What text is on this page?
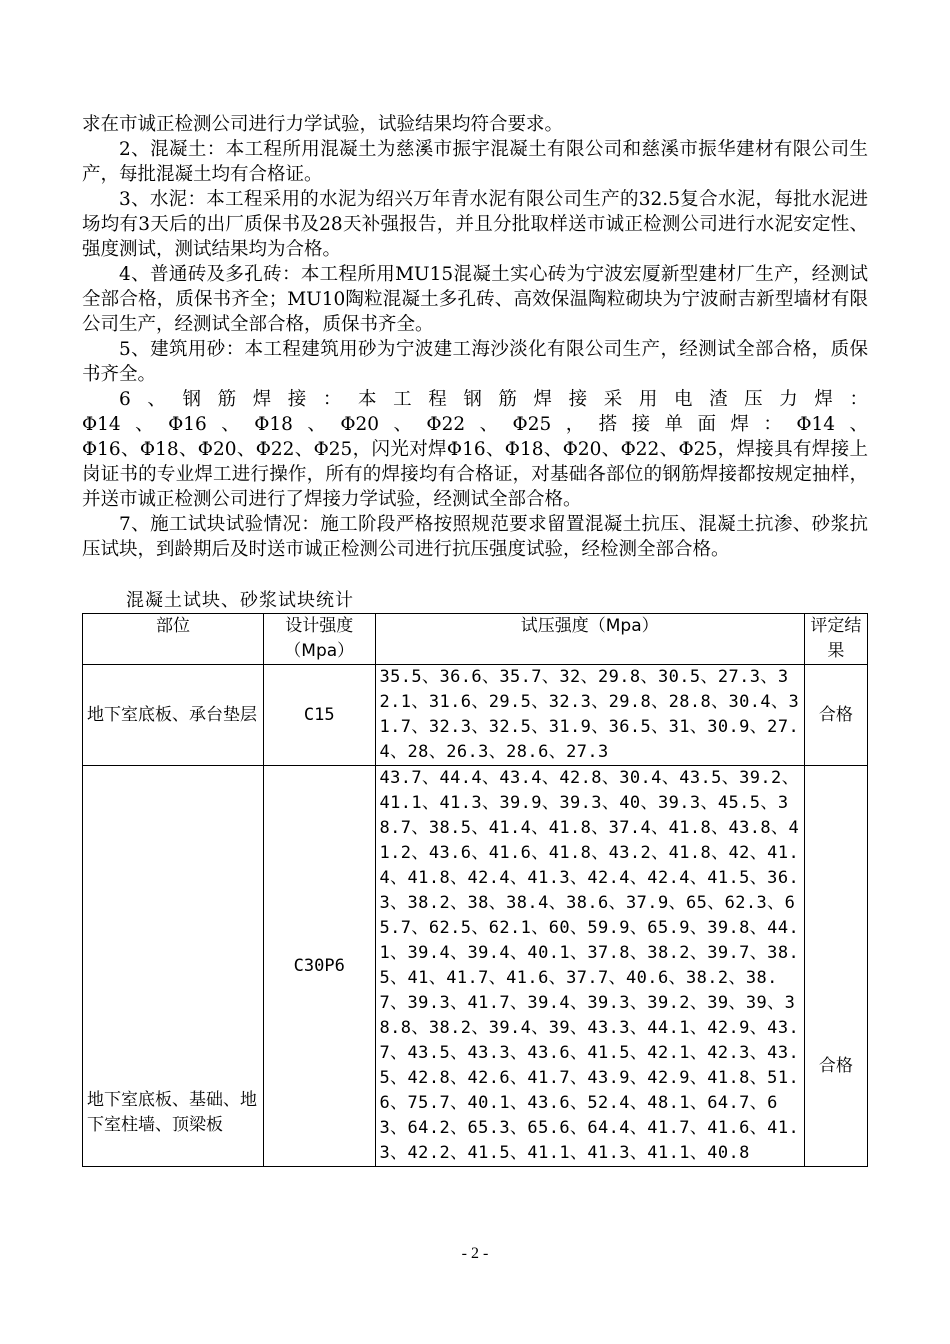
求在市诚正检测公司进行力学试验，试验结果均符合要求。

2、混凝土：本工程所用混凝土为慈溪市振宇混凝土有限公司和慈溪市振华建材有限公司生产，每批混凝土均有合格证。

3、水泥：本工程采用的水泥为绍兴万年青水泥有限公司生产的32.5复合水泥，每批水泥进场均有3天后的出厂质保书及28天补强报告，并且分批取样送市诚正检测公司进行水泥安定性、强度测试，测试结果均为合格。

4、普通砖及多孔砖：本工程所用MU15混凝土实心砖为宁波宏厦新型建材厂生产，经测试全部合格，质保书齐全；MU10陶粒混凝土多孔砖、高效保温陶粒砌块为宁波耐吉新型墙材有限公司生产，经测试全部合格，质保书齐全。

5、建筑用砂：本工程建筑用砂为宁波建工海沙淡化有限公司生产，经测试全部合格，质保书齐全。

6、钢筋焊接：本工程钢筋焊接采用电渣压力焊：

Φ14、Φ16、Φ18、Φ20、Φ22、Φ25，搭接单面焊：Φ14、

Φ16、Φ18、Φ20、Φ22、Φ25，闪光对焊Φ16、Φ18、Φ20、Φ22、Φ25，焊接具有焊接上岗证书的专业焊工进行操作，所有的焊接均有合格证，对基础各部位的钢筋焊接都按规定抽样，并送市诚正检测公司进行了焊接力学试验，经测试全部合格。

7、施工试块试验情况：施工阶段严格按照规范要求留置混凝土抗压、混凝土抗渗、砂浆抗压试块，到龄期后及时送市诚正检测公司进行抗压强度试验，经检测全部合格。

混凝土试块、砂浆试块统计
部位	设计强度（Mpa）	试压强度（Mpa）	评定结果
地下室底板、承台垫层	C15	35.5、36.6、35.7、32、29.8、30.5、27.3、32.1、31.6、29.5、32.3、29.8、28.8、30.4、31.7、32.3、32.5、31.9、36.5、31、30.9、27.4、28、26.3、28.6、27.3	合格
地下室底板、基础、地下室柱墙、顶梁板	C30P6	43.7、44.4、43.4、42.8、30.4、43.5、39.2、41.1、41.3、39.9、39.3、40、39.3、45.5、38.7、38.5、41.4、41.8、37.4、41.8、43.8、41.2、43.6、41.6、41.8、43.2、41.8、42、41.4、41.8、42.4、41.3、42.4、42.4、41.5、36.3、38.2、38、38.4、38.6、37.9、65、62.3、65.7、62.5、62.1、60、59.9、65.9、39.8、44.1、39.4、39.4、40.1、37.8、38.2、39.7、38.5、41、41.7、41.6、37.7、40.6、38.2、38.7、39.3、41.7、39.4、39.3、39.2、39、39、38.8、38.2、39.4、39、43.3、44.1、42.9、43.7、43.5、43.3、43.6、41.5、42.1、42.3、43.5、42.8、42.6、41.7、43.9、42.9、41.8、51.6、75.7、40.1、43.6、52.4、48.1、64.7、63、64.2、65.3、65.6、64.4、41.7、41.6、41.3、42.2、41.5、41.1、41.3、41.1、40.8	合格
- 2 -
